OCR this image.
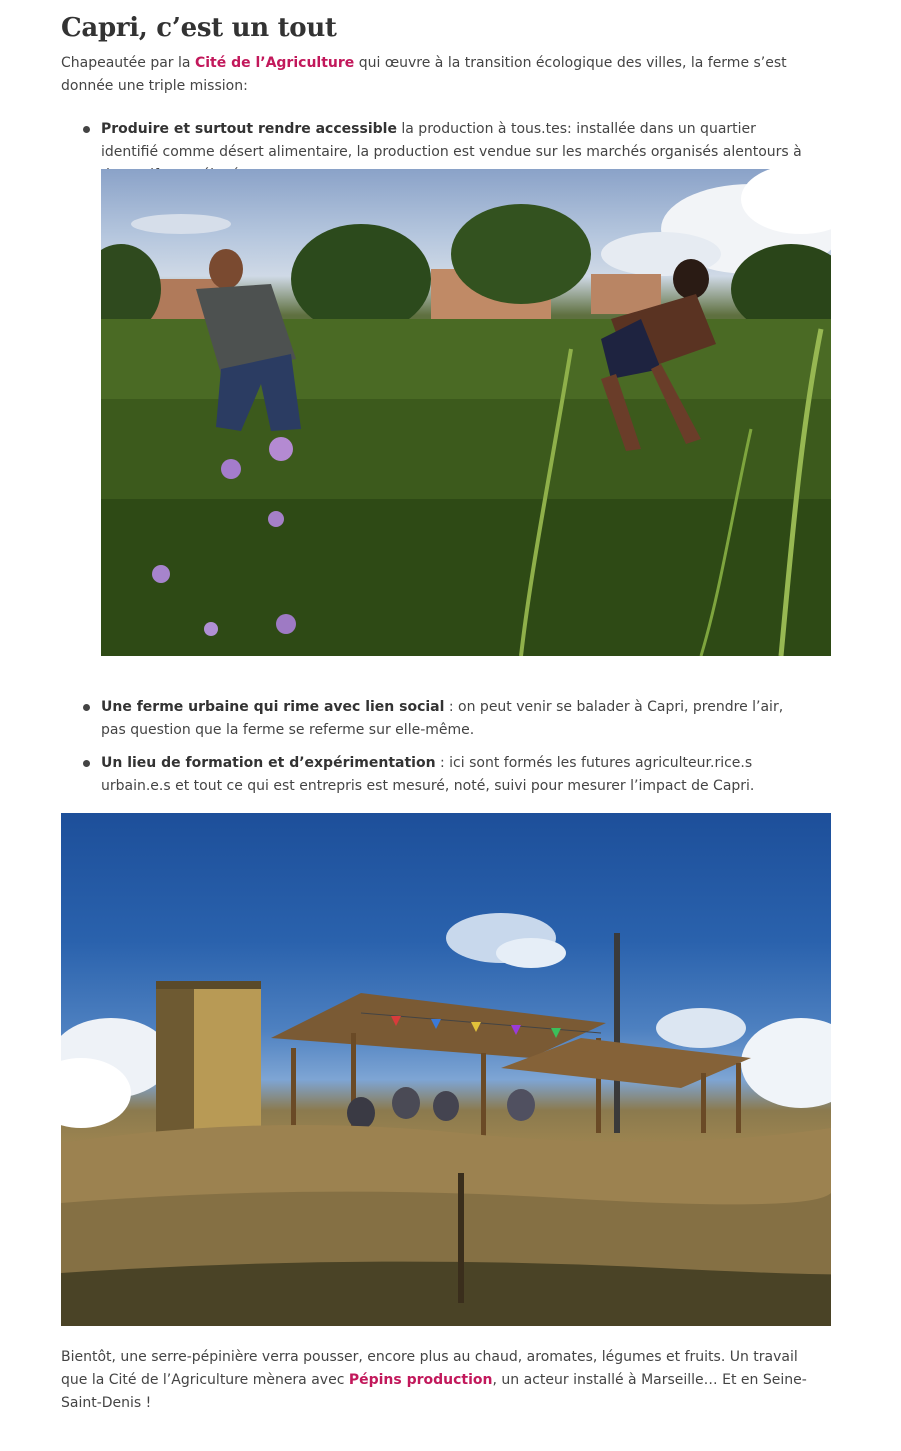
Capri, c’est un tout

Chapeautée par la Cité de l’Agriculture qui œuvre à la transition écologique des villes, la ferme s’est donnée une triple mission:

Produire et surtout rendre accessible la production à tous.tes: installée dans un quartier identifié comme désert alimentaire, la production est vendue sur les marchés organisés alentours à
Une ferme urbaine qui rime avec lien social : on peut venir se balader à Capri, prendre l’air, pas question que la ferme se referme sur elle-même.
Un lieu de formation et d’expérimentation : ici sont formés les futures agriculteur.rice.s urbain.e.s et tout ce qui est entrepris est mesuré, noté, suivi pour mesurer l’impact de Capri.

Bientôt, une serre-pépinière verra pousser, encore plus au chaud, aromates, légumes et fruits. Un travail que la Cité de l’Agriculture mènera avec Pépins production, un acteur installé à Marseille… Et en Seine-Saint-Denis !
